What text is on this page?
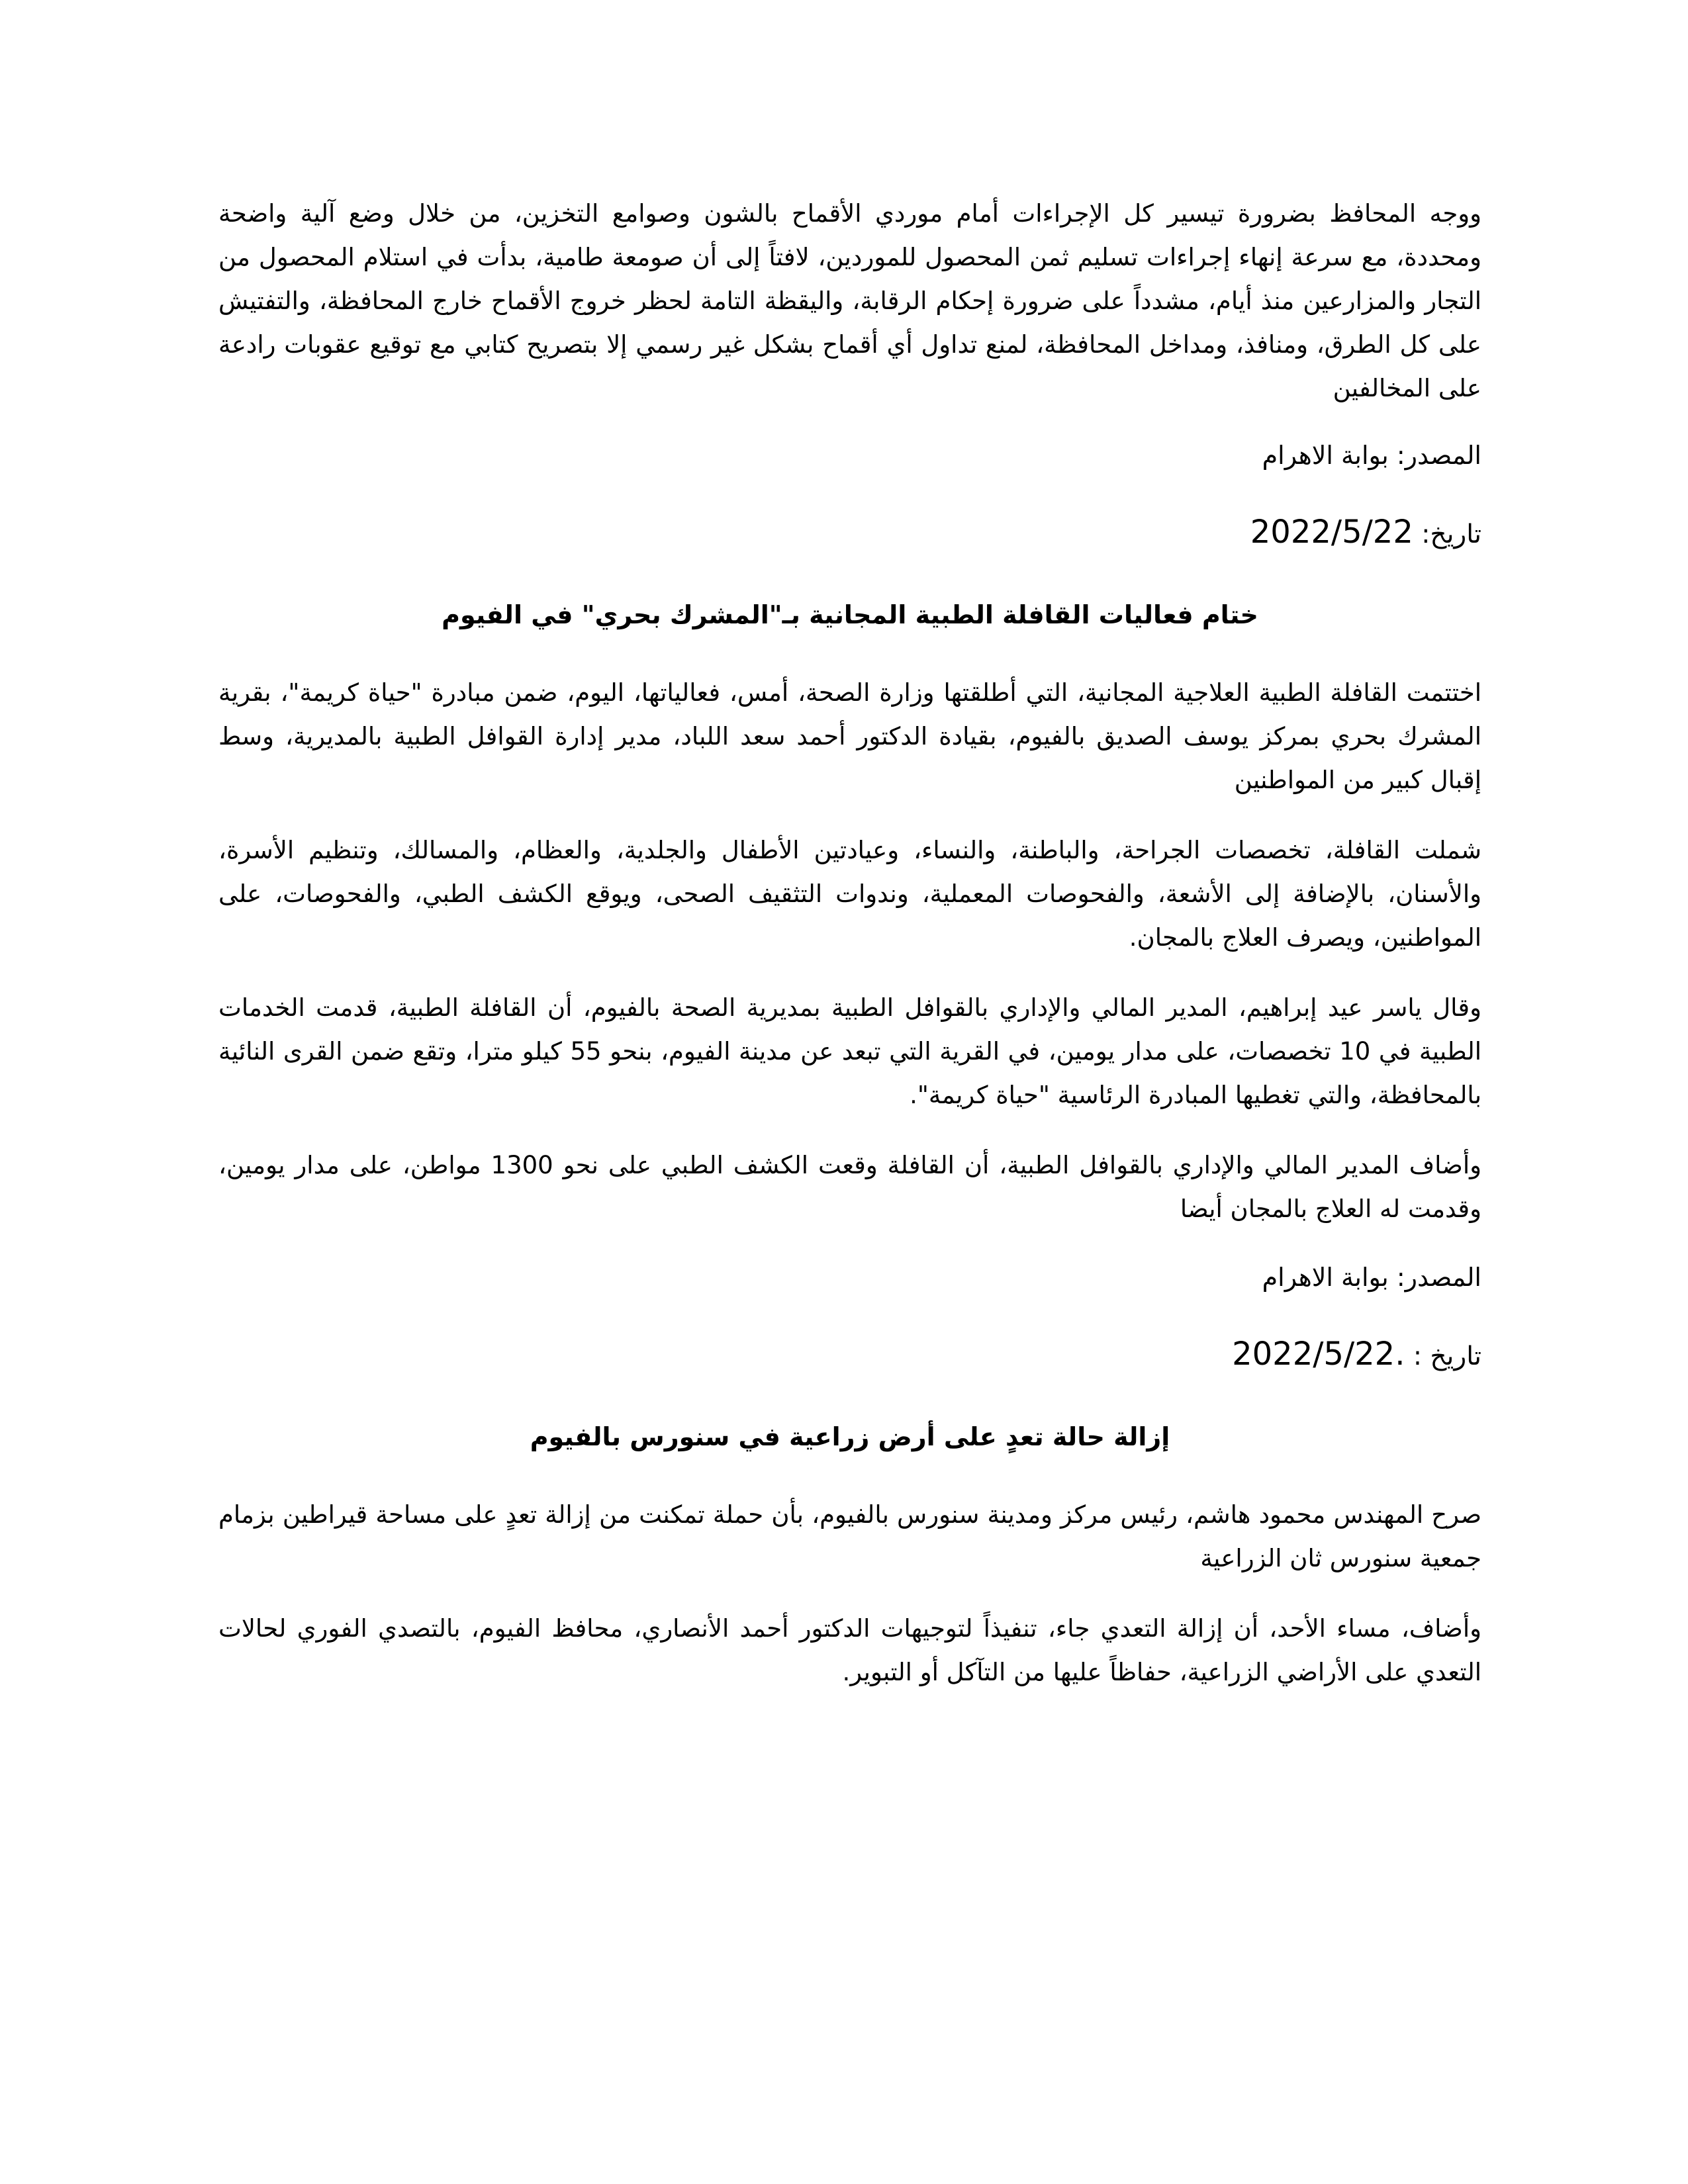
ووجه المحافظ بضرورة تيسير كل الإجراءات أمام موردي الأقماح بالشون وصوامع التخزين، من خلال وضع آلية واضحة ومحددة، مع سرعة إنهاء إجراءات تسليم ثمن المحصول للموردين، لافتاً إلى أن صومعة طامية، بدأت في استلام المحصول من التجار والمزارعين منذ أيام، مشدداً على ضرورة إحكام الرقابة، واليقظة التامة لحظر خروج الأقماح خارج المحافظة، والتفتيش على كل الطرق، ومنافذ، ومداخل المحافظة، لمنع تداول أي أقماح بشكل غير رسمي إلا بتصريح كتابي مع توقيع عقوبات رادعة على المخالفين

المصدر: بوابة الاهرام

تاريخ: 2022/5/22

ختام فعاليات القافلة الطبية المجانية بـ"المشرك بحري" في الفيوم

اختتمت القافلة الطبية العلاجية المجانية، التي أطلقتها وزارة الصحة، أمس، فعالياتها، اليوم، ضمن مبادرة "حياة كريمة"، بقرية المشرك بحري بمركز يوسف الصديق بالفيوم، بقيادة الدكتور أحمد سعد اللباد، مدير إدارة القوافل الطبية بالمديرية، وسط إقبال كبير من المواطنين

شملت القافلة، تخصصات الجراحة، والباطنة، والنساء، وعيادتين الأطفال والجلدية، والعظام، والمسالك، وتنظيم الأسرة، والأسنان، بالإضافة إلى الأشعة، والفحوصات المعملية، وندوات التثقيف الصحى، ويوقع الكشف الطبي، والفحوصات، على المواطنين، ويصرف العلاج بالمجان.

وقال ياسر عيد إبراهيم، المدير المالي والإداري بالقوافل الطبية بمديرية الصحة بالفيوم، أن القافلة الطبية، قدمت الخدمات الطبية في 10 تخصصات، على مدار يومين، في القرية التي تبعد عن مدينة الفيوم، بنحو 55 كيلو مترا، وتقع ضمن القرى النائية بالمحافظة، والتي تغطيها المبادرة الرئاسية "حياة كريمة".

وأضاف المدير المالي والإداري بالقوافل الطبية، أن القافلة وقعت الكشف الطبي على نحو 1300 مواطن، على مدار يومين، وقدمت له العلاج بالمجان أيضا

المصدر: بوابة الاهرام

تاريخ : 2022/5/22.

إزالة حالة تعدٍ على أرض زراعية في سنورس بالفيوم

صرح المهندس محمود هاشم، رئيس مركز ومدينة سنورس بالفيوم، بأن حملة تمكنت من إزالة تعدٍ على مساحة قيراطين بزمام جمعية سنورس ثان الزراعية

وأضاف، مساء الأحد، أن إزالة التعدي جاء، تنفيذاً لتوجيهات الدكتور أحمد الأنصاري، محافظ الفيوم، بالتصدي الفوري لحالات التعدي على الأراضي الزراعية، حفاظاً عليها من التآكل أو التبوير.
